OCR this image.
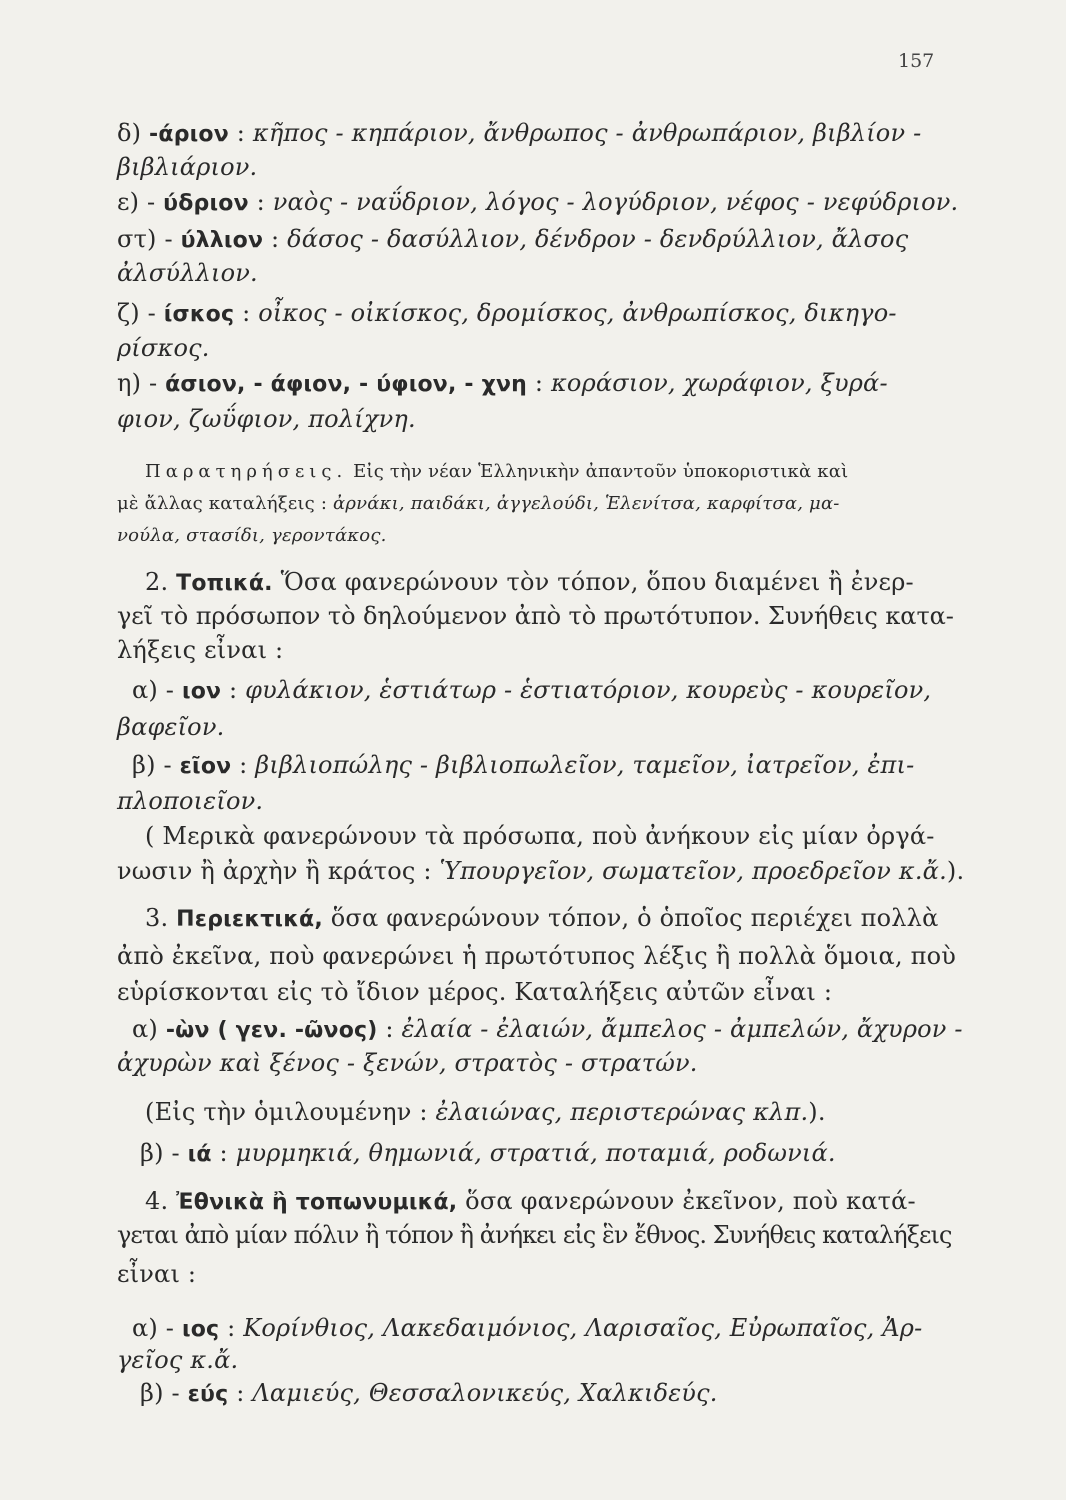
157
δ) -άριον : κῆπος - κηπάριον, ἄνθρωπος - ἀνθρωπάριον, βιβλίον -
βιβλιάριον.
ε) - ύδριον : ναὸς - ναΰδριον, λόγος - λογύδριον, νέφος - νεφύδριον.
στ) - ύλλιον : δάσος - δασύλλιον, δένδρον - δενδρύλλιον, ἄλσος
ἀλσύλλιον.
ζ) - ίσκος : οἶκος - οἰκίσκος, δρομίσκος, ἀνθρωπίσκος, δικηγο-
ρίσκος.
η) - άσιον, - άφιον, - ύφιον, - χνη : κοράσιον, χωράφιον, ξυρά-
φιον, ζωΰφιον, πολίχνη.
Παρατηρήσεις. Εἰς τὴν νέαν Ἑλληνικὴν ἀπαντοῦν ὑποκοριστικὰ καὶ
μὲ ἄλλας καταλήξεις : ἀρνάκι, παιδάκι, ἀγγελούδι, Ἑλενίτσα, καρφίτσα, μα-
νούλα, στασίδι, γεροντάκος.
2. Τοπικά. Ὅσα φανερώνουν τὸν τόπον, ὅπου διαμένει ἢ ἐνερ-
γεῖ τὸ πρόσωπον τὸ δηλούμενον ἀπὸ τὸ πρωτότυπον. Συνήθεις κατα-
λήξεις εἶναι :
α) - ιον : φυλάκιον, ἑστιάτωρ - ἑστιατόριον, κουρεὺς - κουρεῖον,
βαφεῖον.
β) - εῖον : βιβλιοπώλης - βιβλιοπωλεῖον, ταμεῖον, ἰατρεῖον, ἐπι-
πλοποιεῖον.
( Μερικὰ φανερώνουν τὰ πρόσωπα, ποὺ ἀνήκουν εἰς μίαν ὀργά-
νωσιν ἢ ἀρχὴν ἢ κράτος : Ὑπουργεῖον, σωματεῖον, προεδρεῖον κ.ἄ.).
3. Περιεκτικά, ὅσα φανερώνουν τόπον, ὁ ὁποῖος περιέχει πολλὰ
ἀπὸ ἐκεῖνα, ποὺ φανερώνει ἡ πρωτότυπος λέξις ἢ πολλὰ ὅμοια, ποὺ
εὑρίσκονται εἰς τὸ ἴδιον μέρος. Καταλήξεις αὐτῶν εἶναι :
α) -ὼν ( γεν. -ῶνος) : ἐλαία - ἐλαιών, ἄμπελος - ἀμπελών, ἄχυρον -
ἀχυρὼν καὶ ξένος - ξενών, στρατὸς - στρατών.
(Εἰς τὴν ὁμιλουμένην : ἐλαιώνας, περιστερώνας κλπ.).
β) - ιά : μυρμηκιά, θημωνιά, στρατιά, ποταμιά, ροδωνιά.
4. Ἐθνικὰ ἢ τοπωνυμικά, ὅσα φανερώνουν ἐκεῖνον, ποὺ κατά-
γεται ἀπὸ μίαν πόλιν ἢ τόπον ἢ ἀνήκει εἰς ἓν ἔθνος. Συνήθεις καταλήξεις
εἶναι :
α) - ιος : Κορίνθιος, Λακεδαιμόνιος, Λαρισαῖος, Εὐρωπαῖος, Ἀρ-
γεῖος κ.ἄ.
β) - εύς : Λαμιεύς, Θεσσαλονικεύς, Χαλκιδεύς.
